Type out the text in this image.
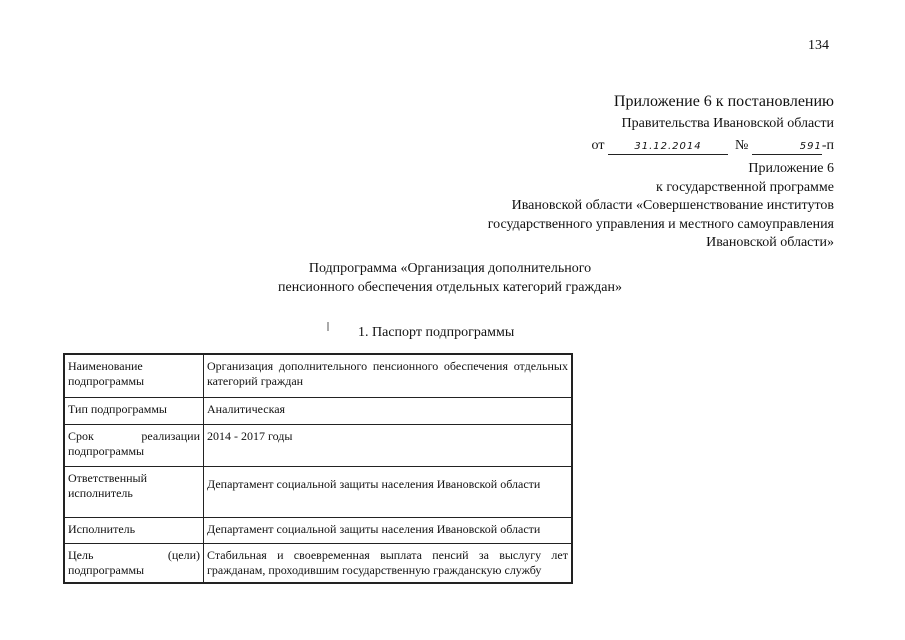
134
Приложение 6 к постановлению
Правительства Ивановской области
от	31.12.2014 №	591-п
Приложение 6
к государственной программе
Ивановской области «Совершенствование институтов
государственного управления и местного самоуправления
Ивановской области»
Подпрограмма «Организация дополнительного
пенсионного обеспечения отдельных категорий граждан»
1. Паспорт подпрограммы
Наименование подпрограммы	Организация дополнительного пенсионного обеспечения отдельных категорий граждан
Тип подпрограммы	Аналитическая
Срок реализации подпрограммы	2014 - 2017 годы
Ответственный исполнитель	Департамент социальной защиты населения Ивановской области
Исполнитель	Департамент социальной защиты населения Ивановской области
Цель (цели) подпрограммы	Стабильная и своевременная выплата пенсий за выслугу лет гражданам, проходившим государственную гражданскую службу
